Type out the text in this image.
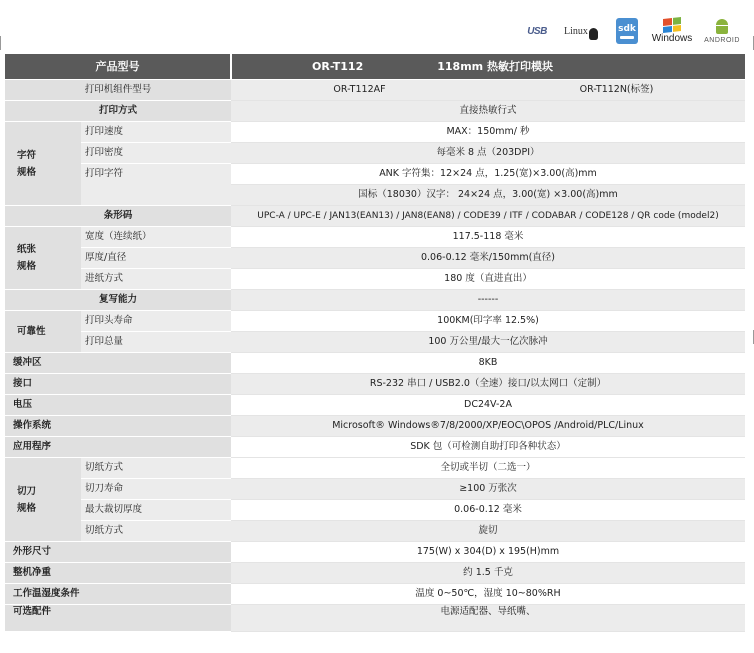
USB Linux	sdk
Windows ANDROID
产品型号		OR-T112 118mm 热敏打印模块	
打印机组件型号		OR-T112AF	OR-T112N(标签)
打印方式		直接热敏行式	

字符
规格	打印速度	MAX：150mm/ 秒	
	打印密度	每毫米 8 点（203DPI）	
	打印字符	ANK 字符集：12×24 点，1.25(宽)×3.00(高)mm	
		国标（18030）汉字： 24×24 点，3.00(宽) ×3.00(高)mm	
条形码		UPC-A / UPC-E / JAN13(EAN13) / JAN8(EAN8) / CODE39 / ITF / CODABAR / CODE128 / QR code (model2)	

纸张
规格	宽度（连续纸）	117.5-118 毫米	
	厚度/直径	0.06-0.12 毫米/150mm(直径)	
	进纸方式	180 度（直进直出）	
复写能力		------	
可靠性	打印头寿命	100KM(印字率 12.5%)	
	打印总量	100 万公里/最大一亿次脉冲	
缓冲区		8KB	
接口		RS-232 串口 / USB2.0（全速）接口/以太网口（定制）	
电压		DC24V-2A	
操作系统		Microsoft® Windows®7/8/2000/XP/EOC\OPOS /Android/PLC/Linux	
应用程序		SDK 包（可检测自助打印各种状态）	

切刀
规格	切纸方式	全切或半切（二选一）	
	切刀寿命	≥100 万张次	
	最大裁切厚度	0.06-0.12 毫米	
	切纸方式	旋切	
外形尺寸		175(W) x 304(D) x 195(H)mm	
整机净重		约 1.5 千克	
工作温湿度条件		温度 0~50℃，湿度 10~80%RH	
可选配件		电源适配器、导纸嘴、	
